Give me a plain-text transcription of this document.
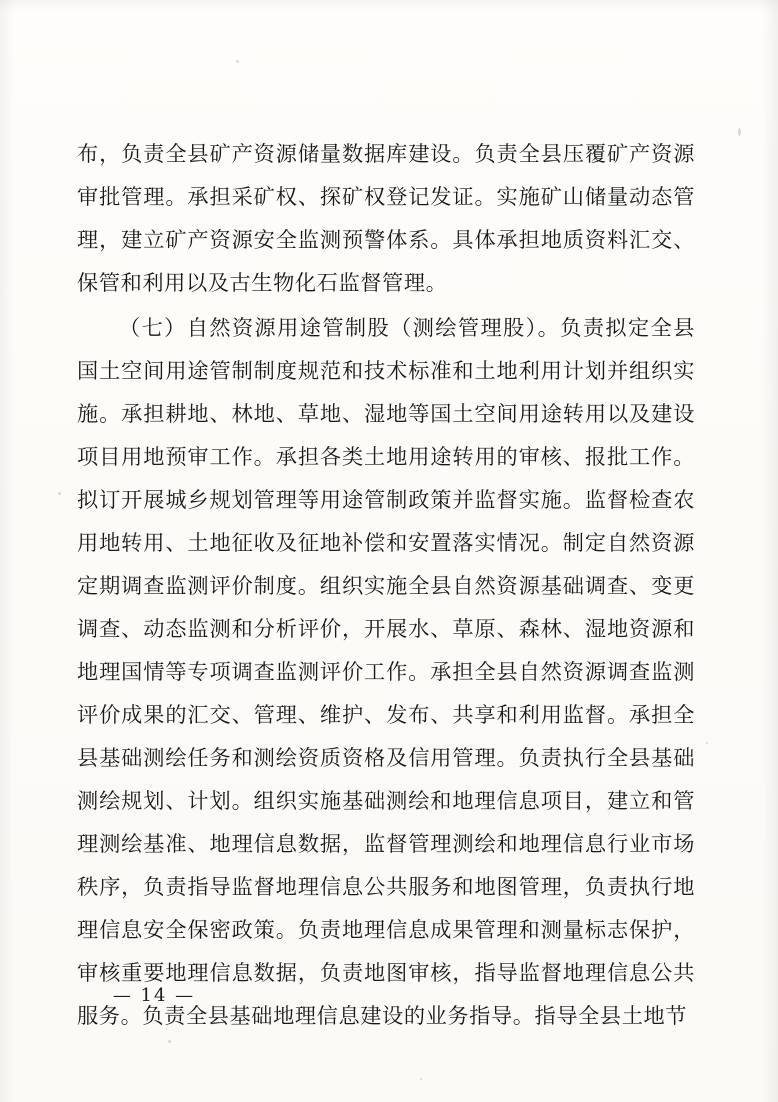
布，负责全县矿产资源储量数据库建设。负责全县压覆矿产资源审批管理。承担采矿权、探矿权登记发证。实施矿山储量动态管理，建立矿产资源安全监测预警体系。具体承担地质资料汇交、保管和利用以及古生物化石监督管理。

（七）自然资源用途管制股（测绘管理股）。负责拟定全县国土空间用途管制制度规范和技术标准和土地利用计划并组织实施。承担耕地、林地、草地、湿地等国土空间用途转用以及建设项目用地预审工作。承担各类土地用途转用的审核、报批工作。拟订开展城乡规划管理等用途管制政策并监督实施。监督检查农用地转用、土地征收及征地补偿和安置落实情况。制定自然资源定期调查监测评价制度。组织实施全县自然资源基础调查、变更调查、动态监测和分析评价，开展水、草原、森林、湿地资源和地理国情等专项调查监测评价工作。承担全县自然资源调查监测评价成果的汇交、管理、维护、发布、共享和利用监督。承担全县基础测绘任务和测绘资质资格及信用管理。负责执行全县基础测绘规划、计划。组织实施基础测绘和地理信息项目，建立和管理测绘基准、地理信息数据，监督管理测绘和地理信息行业市场秩序，负责指导监督地理信息公共服务和地图管理，负责执行地理信息安全保密政策。负责地理信息成果管理和测量标志保护，审核重要地理信息数据，负责地图审核，指导监督地理信息公共服务。负责全县基础地理信息建设的业务指导。指导全县土地节

— 14 —
